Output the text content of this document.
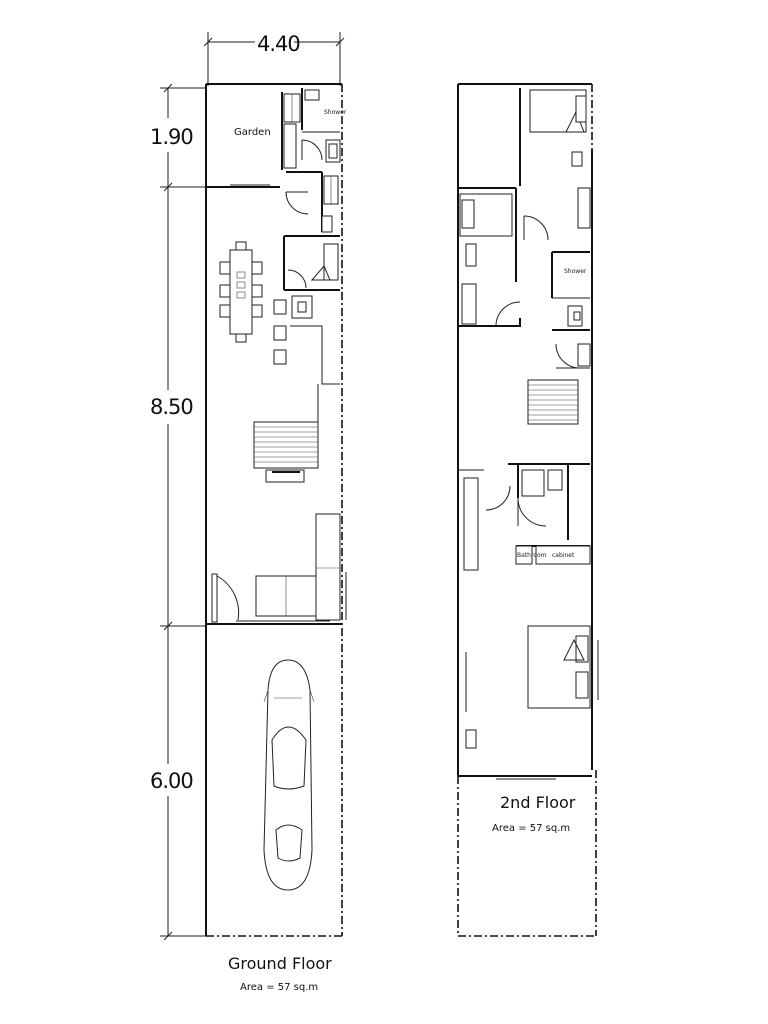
4.40
1.90
8.50
6.00
Garden
Shower
Ground Floor
Area = 57 sq.m
Shower
Bathroom cabinet
2nd Floor
Area = 57 sq.m
